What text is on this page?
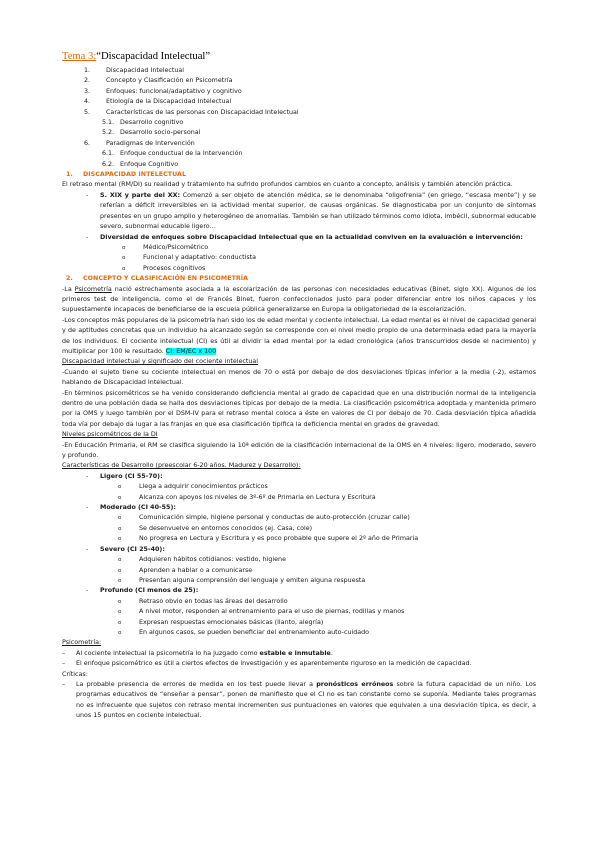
Tema 3:“Discapacidad Intelectual”
1.	Discapacidad Intelectual
2.	Concepto y Clasificación en Psicometría
3.	Enfoques: funcional/adaptativo y cognitivo
4.	Etiología de la Discapacidad Intelectual
5.	Características de las personas con Discapacidad Intelectual
5.1. Desarrollo cognitivo
5.2. Desarrollo socio-personal
6.	Paradigmas de Intervención
6.1. Enfoque conductual de la Intervención
6.2. Enfoque Cognitivo
1.	DISCAPACIDAD INTELECTUAL
El retraso mental (RM/DI) su realidad y tratamiento ha sufrido profundos cambios en cuanto a concepto, análisis y también atención práctica.
-	S. XIX y parte del XX: Comenzó a ser objeto de atención médica, se le denominaba “oligofrenia” (en griego, “escasa mente”) y se referían a déficit irreversibles en la actividad mental superior, de causas orgánicas. Se diagnosticaba por un conjunto de síntomas presentes en un grupo amplio y heterogéneo de anomalías. También se han utilizado términos como idiota, imbécil, subnormal educable severo, subnormal educable ligero…
-	Diversidad de enfoques sobre Discapacidad Intelectual que en la actualidad conviven en la evaluación e intervención:
o	Médico/Psicométrico
o	Funcional y adaptativo: conductista
o	Procesos cognitivos
2.	CONCEPTO Y CLASIFICACIÓN EN PSICOMETRÍA
-La Psicometría nació estrechamente asociada a la escolarización de las personas con necesidades educativas (Binet, siglo XX). Algunos de los primeros test de inteligencia, como el de Francés Binet, fueron confeccionados justo para poder diferenciar entre los niños capaces y los supuestamente incapaces de beneficiarse de la escuela pública generalizarse en Europa la obligatoriedad de la escolarización.
-Los conceptos más populares de la psicometría han sido los de edad mental y cociente intelectual. La edad mental es el nivel de capacidad general y de aptitudes concretas que un individuo ha alcanzado según se corresponde con el nivel medio propio de una determinada edad para la mayoría de los individuos. El cociente intelectual (CI) es útil al dividir la edad mental por la edad cronológica (años transcurridos desde el nacimiento) y multiplicar por 100 le resultado. CI: EM/EC x 100
Discapacidad intelectual y significado del cociente intelectual
-Cuando el sujeto tiene su cociente intelectual en menos de 70 o está por debajo de dos desviaciones típicas inferior a la media (-2), estamos hablando de Discapacidad Intelectual.
-En términos psicométricos se ha venido considerando deficiencia mental al grado de capacidad que en una distribución normal de la inteligencia dentro de una población dada se halla dos desviaciones típicas por debajo de la media. La clasificación psicométrica adoptada y mantenida primero por la OMS y luego también por el DSM-IV para el retraso mental coloca a éste en valores de CI por debajo de 70. Cada desviación típica añadida toda vía por debajo da lugar a las franjas en que esa clasificación tipifica la deficiencia mental en grados de gravedad.
Niveles psicométricos de la DI
-En Educación Primaria, el RM se clasifica siguiendo la 10ª edición de la clasificación internacional de la OMS en 4 niveles: ligero, moderado, severo y profundo.
Características de Desarrollo (preescolar 6-20 años. Madurez y Desarrollo):
-	Ligero (CI 55-70):
o	Llega a adquirir conocimientos prácticos
o	Alcanza con apoyos los niveles de 3º-6º de Primaria en Lectura y Escritura
-	Moderado (CI 40-55):
o	Comunicación simple, higiene personal y conductas de auto-protección (cruzar calle)
o	Se desenvuelve en entornos conocidos (ej. Casa, cole)
o	No progresa en Lectura y Escritura y es poco probable que supere el 2º año de Primaria
-	Severo (CI 25-40):
o	Adquieren hábitos cotidianos: vestido, higiene
o	Aprenden a hablar o a comunicarse
o	Presentan alguna comprensión del lenguaje y emiten alguna respuesta
-	Profundo (CI menos de 25):
o	Retraso obvio en todas las áreas del desarrollo
o	A nivel motor, responden al entrenamiento para el uso de piernas, rodillas y manos
o	Expresan respuestas emocionales básicas (llanto, alegría)
o	En algunos casos, se pueden beneficiar del entrenamiento auto-cuidado
Psicometría:
–	Al cociente intelectual la psicometría lo ha juzgado como estable e inmutable.
–	El enfoque psicométrico es útil a ciertos efectos de investigación y es aparentemente riguroso en la medición de capacidad.
Críticas:
–	La probable presencia de errores de medida en los test puede llevar a pronósticos erróneos sobre la futura capacidad de un niño. Los programas educativos de “enseñar a pensar”, ponen de manifiesto que el CI no es tan constante como se suponía. Mediante tales programas no es infrecuente que sujetos con retraso mental incrementen sus puntuaciones en valores que equivalen a una desviación típica, es decir, a unos 15 puntos en cociente intelectual.
